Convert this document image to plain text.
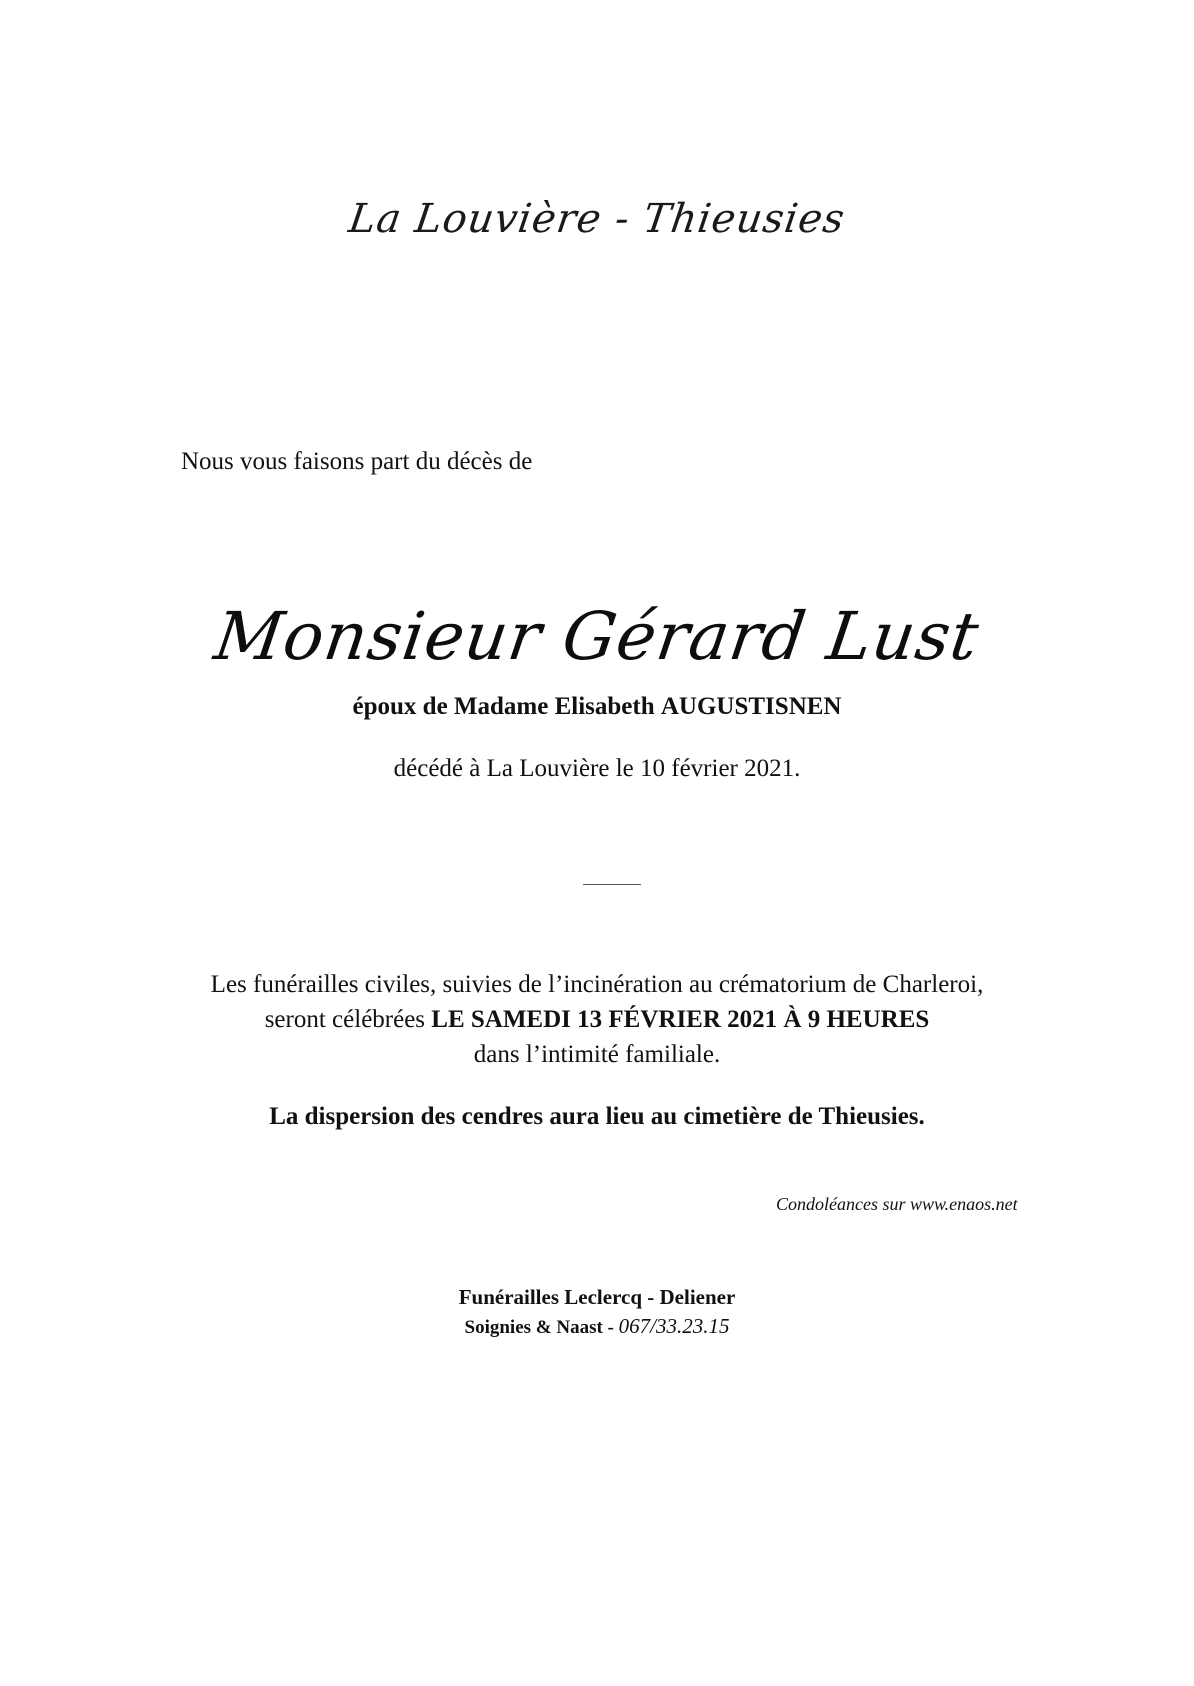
La Louvière - Thieusies
Nous vous faisons part du décès de
Monsieur Gérard Lust
époux de Madame Elisabeth AUGUSTISNEN
décédé à La Louvière le 10 février 2021.
Les funérailles civiles, suivies de l’incinération au crématorium de Charleroi,
seront célébrées LE SAMEDI 13 FÉVRIER 2021 À 9 HEURES
dans l’intimité familiale.
La dispersion des cendres aura lieu au cimetière de Thieusies.
Condoléances sur www.enaos.net
Funérailles Leclercq - Deliener
Soignies & Naast - 067/33.23.15
